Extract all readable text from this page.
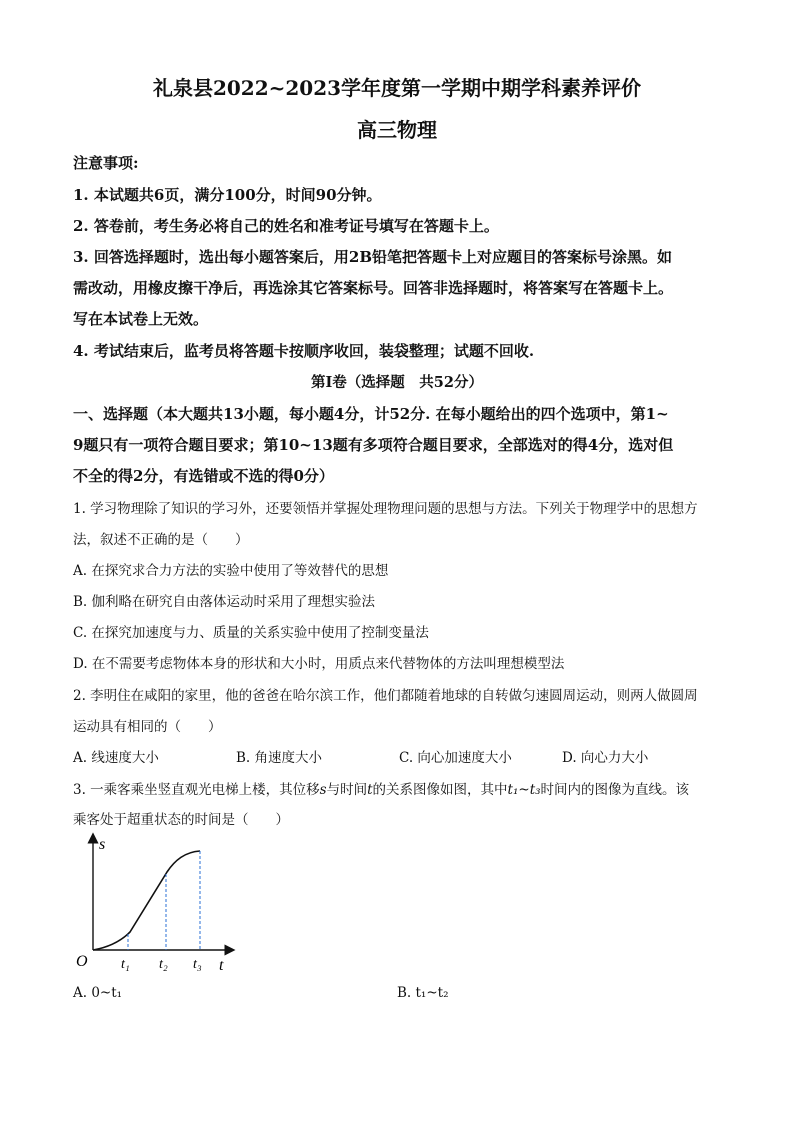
礼泉县2022~2023学年度第一学期中期学科素养评价
高三物理
注意事项:
1. 本试题共6页，满分100分，时间90分钟。
2. 答卷前，考生务必将自己的姓名和准考证号填写在答题卡上。
3. 回答选择题时，选出每小题答案后，用2B铅笔把答题卡上对应题目的答案标号涂黑。如
需改动，用橡皮擦干净后，再选涂其它答案标号。回答非选择题时，将答案写在答题卡上。
写在本试卷上无效。
4. 考试结束后，监考员将答题卡按顺序收回，装袋整理；试题不回收.
第Ⅰ卷（选择题　共52分）
一、选择题（本大题共13小题，每小题4分，计52分. 在每小题给出的四个选项中，第1~
9题只有一项符合题目要求；第10~13题有多项符合题目要求，全部选对的得4分，选对但
不全的得2分，有选错或不选的得0分）
1. 学习物理除了知识的学习外，还要领悟并掌握处理物理问题的思想与方法。下列关于物理学中的思想方
法，叙述不正确的是（　　）
A. 在探究求合力方法的实验中使用了等效替代的思想
B. 伽利略在研究自由落体运动时采用了理想实验法
C. 在探究加速度与力、质量的关系实验中使用了控制变量法
D. 在不需要考虑物体本身的形状和大小时，用质点来代替物体的方法叫理想模型法
2. 李明住在咸阳的家里，他的爸爸在哈尔滨工作，他们都随着地球的自转做匀速圆周运动，则两人做圆周
运动具有相同的（　　）
A. 线速度大小	B. 角速度大小	C. 向心加速度大小	D. 向心力大小
3. 一乘客乘坐竖直观光电梯上楼，其位移s与时间t的关系图像如图，其中t₁~t₃时间内的图像为直线。该
乘客处于超重状态的时间是（　　）
s
O	t
t₁ t₂ t₃
A. 0~t₁	B. t₁~t₂
